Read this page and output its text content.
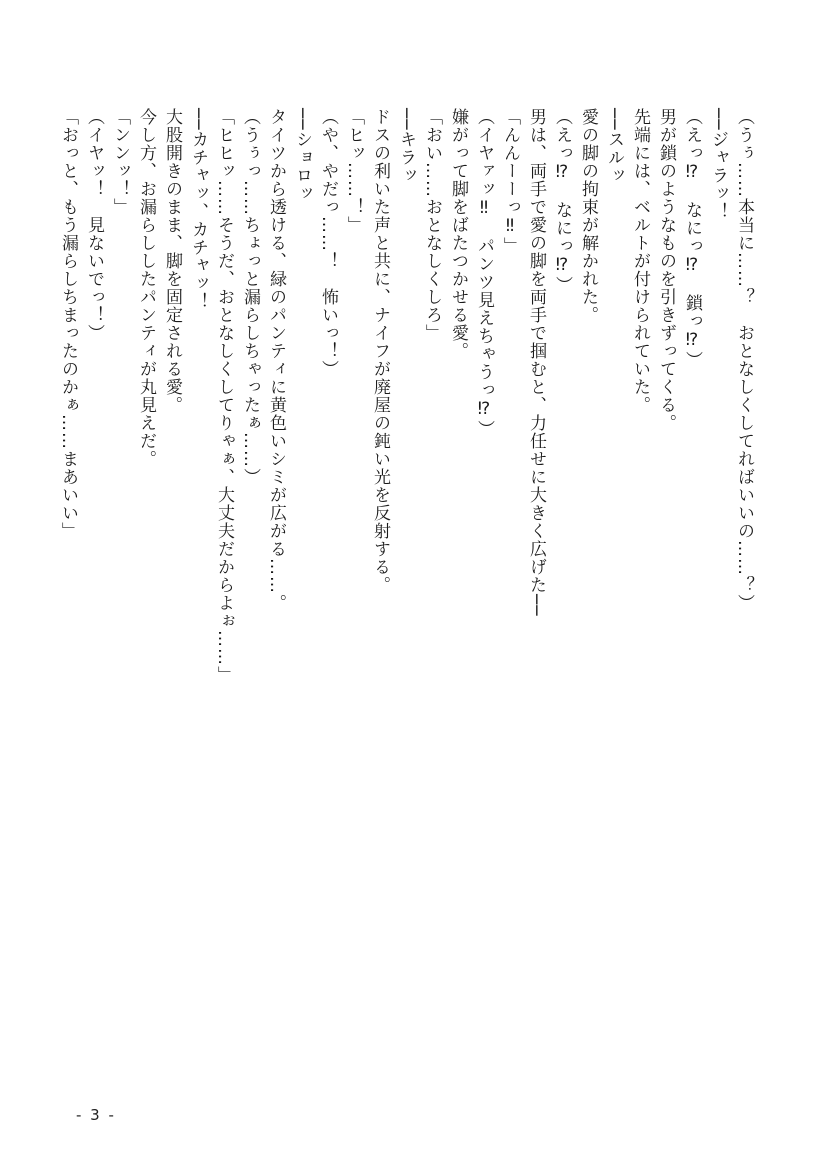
（うぅ……本当に……？　おとなしくしてればいいの……？）
──ジャラッ！
（えっ⁉　なにっ⁉　鎖っ⁉）
男が鎖のようなものを引きずってくる。
先端には、ベルトが付けられていた。
──スルッ
愛の脚の拘束が解かれた。
（えっ⁉　なにっ⁉）
男は、両手で愛の脚を両手で掴むと、力任せに大きく広げた──
「んんーーっ‼」
（イヤァッ‼　パンツ見えちゃうっ⁉）
嫌がって脚をばたつかせる愛。
「おい……おとなしくしろ」
──キラッ
ドスの利いた声と共に、ナイフが廃屋の鈍い光を反射する。
「ヒッ……！」
（や、やだっ……！　怖いっ！）
──ショロッ
タイツから透ける、緑のパンティに黄色いシミが広がる……。
（うぅっ……ちょっと漏らしちゃったぁ……）
「ヒヒッ……そうだ、おとなしくしてりゃぁ、大丈夫だからよぉ……」
──カチャッ、カチャッ！
大股開きのまま、脚を固定される愛。
今し方、お漏らししたパンティが丸見えだ。
「ンンッ！」
（イヤッ！　見ないでっ！）
「おっと、もう漏らしちまったのかぁ……まあいい」
- 3 -
